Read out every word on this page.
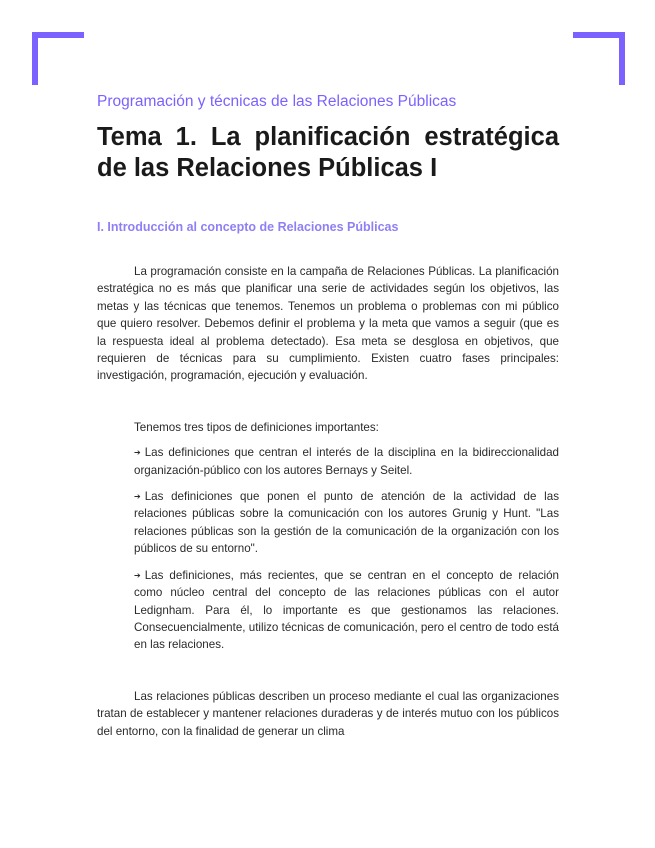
Programación y técnicas de las Relaciones Públicas
Tema 1. La planificación estratégica de las Relaciones Públicas I
I. Introducción al concepto de Relaciones Públicas

La programación consiste en la campaña de Relaciones Públicas. La planificación estratégica no es más que planificar una serie de actividades según los objetivos, las metas y las técnicas que tenemos. Tenemos un problema o problemas con mi público que quiero resolver. Debemos definir el problema y la meta que vamos a seguir (que es la respuesta ideal al problema detectado). Esa meta se desglosa en objetivos, que requieren de técnicas para su cumplimiento. Existen cuatro fases principales: investigación, programación, ejecución y evaluación.

Tenemos tres tipos de definiciones importantes:

➔ Las definiciones que centran el interés de la disciplina en la bidireccionalidad organización-público con los autores Bernays y Seitel.

➔ Las definiciones que ponen el punto de atención de la actividad de las relaciones públicas sobre la comunicación con los autores Grunig y Hunt. "Las relaciones públicas son la gestión de la comunicación de la organización con los públicos de su entorno".

➔ Las definiciones, más recientes, que se centran en el concepto de relación como núcleo central del concepto de las relaciones públicas con el autor Ledignham. Para él, lo importante es que gestionamos las relaciones. Consecuencialmente, utilizo técnicas de comunicación, pero el centro de todo está en las relaciones.

Las relaciones públicas describen un proceso mediante el cual las organizaciones tratan de establecer y mantener relaciones duraderas y de interés mutuo con los públicos del entorno, con la finalidad de generar un clima
